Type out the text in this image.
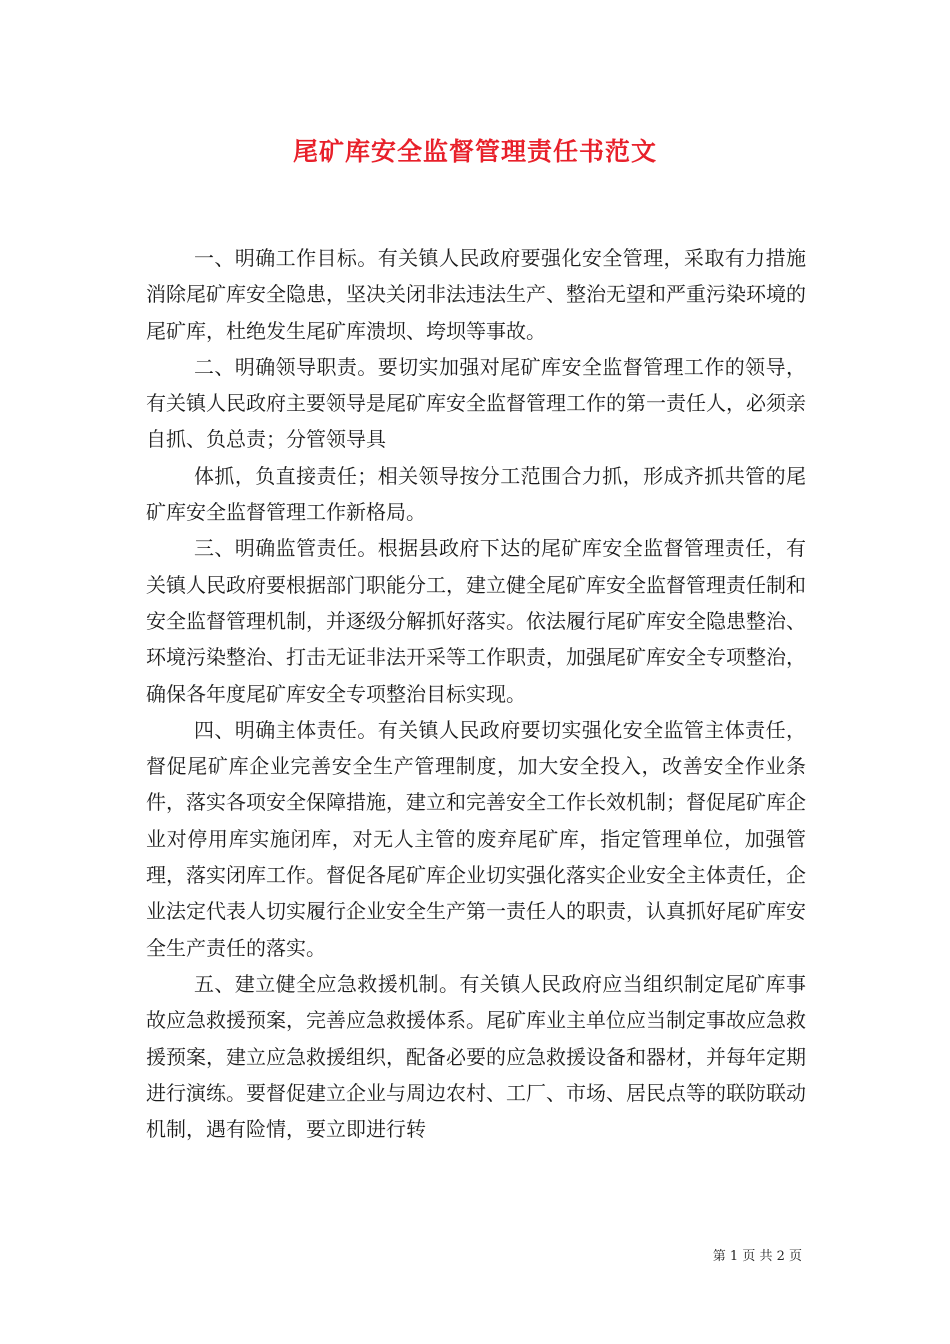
尾矿库安全监督管理责任书范文

一、明确工作目标。有关镇人民政府要强化安全管理，采取有力措施消除尾矿库安全隐患，坚决关闭非法违法生产、整治无望和严重污染环境的尾矿库，杜绝发生尾矿库溃坝、垮坝等事故。

二、明确领导职责。要切实加强对尾矿库安全监督管理工作的领导，有关镇人民政府主要领导是尾矿库安全监督管理工作的第一责任人，必须亲自抓、负总责；分管领导具

体抓，负直接责任；相关领导按分工范围合力抓，形成齐抓共管的尾矿库安全监督管理工作新格局。

三、明确监管责任。根据县政府下达的尾矿库安全监督管理责任，有关镇人民政府要根据部门职能分工，建立健全尾矿库安全监督管理责任制和安全监督管理机制，并逐级分解抓好落实。依法履行尾矿库安全隐患整治、环境污染整治、打击无证非法开采等工作职责，加强尾矿库安全专项整治，确保各年度尾矿库安全专项整治目标实现。

四、明确主体责任。有关镇人民政府要切实强化安全监管主体责任，督促尾矿库企业完善安全生产管理制度，加大安全投入，改善安全作业条件，落实各项安全保障措施，建立和完善安全工作长效机制；督促尾矿库企业对停用库实施闭库，对无人主管的废弃尾矿库，指定管理单位，加强管理，落实闭库工作。督促各尾矿库企业切实强化落实企业安全主体责任，企业法定代表人切实履行企业安全生产第一责任人的职责，认真抓好尾矿库安全生产责任的落实。

五、建立健全应急救援机制。有关镇人民政府应当组织制定尾矿库事故应急救援预案，完善应急救援体系。尾矿库业主单位应当制定事故应急救援预案，建立应急救援组织，配备必要的应急救援设备和器材，并每年定期进行演练。要督促建立企业与周边农村、工厂、市场、居民点等的联防联动机制，遇有险情，要立即进行转

第 1 页 共 2 页
